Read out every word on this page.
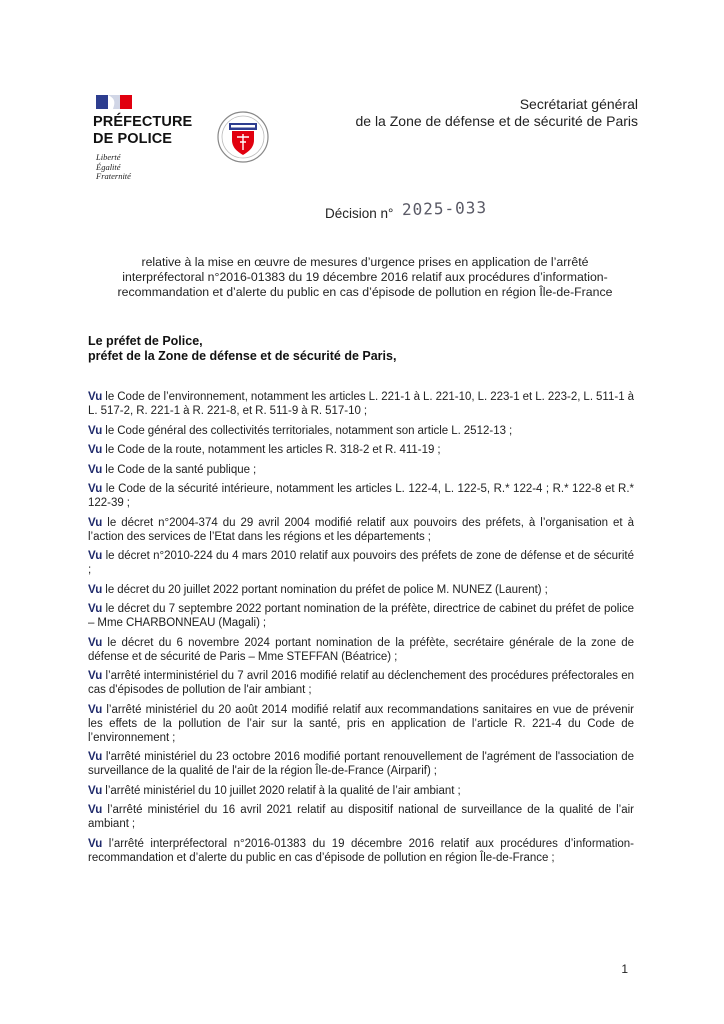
PRÉFECTURE
DE POLICE
Liberté
Égalité
Fraternité
Secrétariat général
de la Zone de défense et de sécurité de Paris
Décision n° 2025-033
relative à la mise en œuvre de mesures d’urgence prises en application de l’arrêté
interpréfectoral n°2016-01383 du 19 décembre 2016 relatif aux procédures d’information-
recommandation et d’alerte du public en cas d’épisode de pollution en région Île-de-France
Le préfet de Police,
préfet de la Zone de défense et de sécurité de Paris,

Vu le Code de l’environnement, notamment les articles L. 221-1 à L. 221-10, L. 223-1 et L. 223-2, L. 511-1 à L. 517-2, R. 221-1 à R. 221-8, et R. 511-9 à R. 517-10 ;

Vu le Code général des collectivités territoriales, notamment son article L. 2512-13 ;

Vu le Code de la route, notamment les articles R. 318-2 et R. 411-19 ;

Vu le Code de la santé publique ;

Vu le Code de la sécurité intérieure, notamment les articles L. 122-4, L. 122-5, R.* 122-4 ; R.* 122-8 et R.* 122-39 ;

Vu le décret n°2004-374 du 29 avril 2004 modifié relatif aux pouvoirs des préfets, à l’organisation et à l’action des services de l’Etat dans les régions et les départements ;

Vu le décret n°2010-224 du 4 mars 2010 relatif aux pouvoirs des préfets de zone de défense et de sécurité ;

Vu le décret du 20 juillet 2022 portant nomination du préfet de police M. NUNEZ (Laurent) ;

Vu le décret du 7 septembre 2022 portant nomination de la préfète, directrice de cabinet du préfet de police – Mme CHARBONNEAU (Magali) ;

Vu le décret du 6 novembre 2024 portant nomination de la préfète, secrétaire générale de la zone de défense et de sécurité de Paris – Mme STEFFAN (Béatrice) ;

Vu l’arrêté interministériel du 7 avril 2016 modifié relatif au déclenchement des procédures préfectorales en cas d'épisodes de pollution de l'air ambiant ;

Vu l’arrêté ministériel du 20 août 2014 modifié relatif aux recommandations sanitaires en vue de prévenir les effets de la pollution de l’air sur la santé, pris en application de l’article R. 221-4 du Code de l’environnement ;

Vu l'arrêté ministériel du 23 octobre 2016 modifié portant renouvellement de l'agrément de l'association de surveillance de la qualité de l'air de la région Île-de-France (Airparif) ;

Vu l’arrêté ministériel du 10 juillet 2020 relatif à la qualité de l’air ambiant ;

Vu l’arrêté ministériel du 16 avril 2021 relatif au dispositif national de surveillance de la qualité de l’air ambiant ;

Vu l’arrêté interpréfectoral n°2016-01383 du 19 décembre 2016 relatif aux procédures d’information-recommandation et d’alerte du public en cas d’épisode de pollution en région Île-de-France ;

1
